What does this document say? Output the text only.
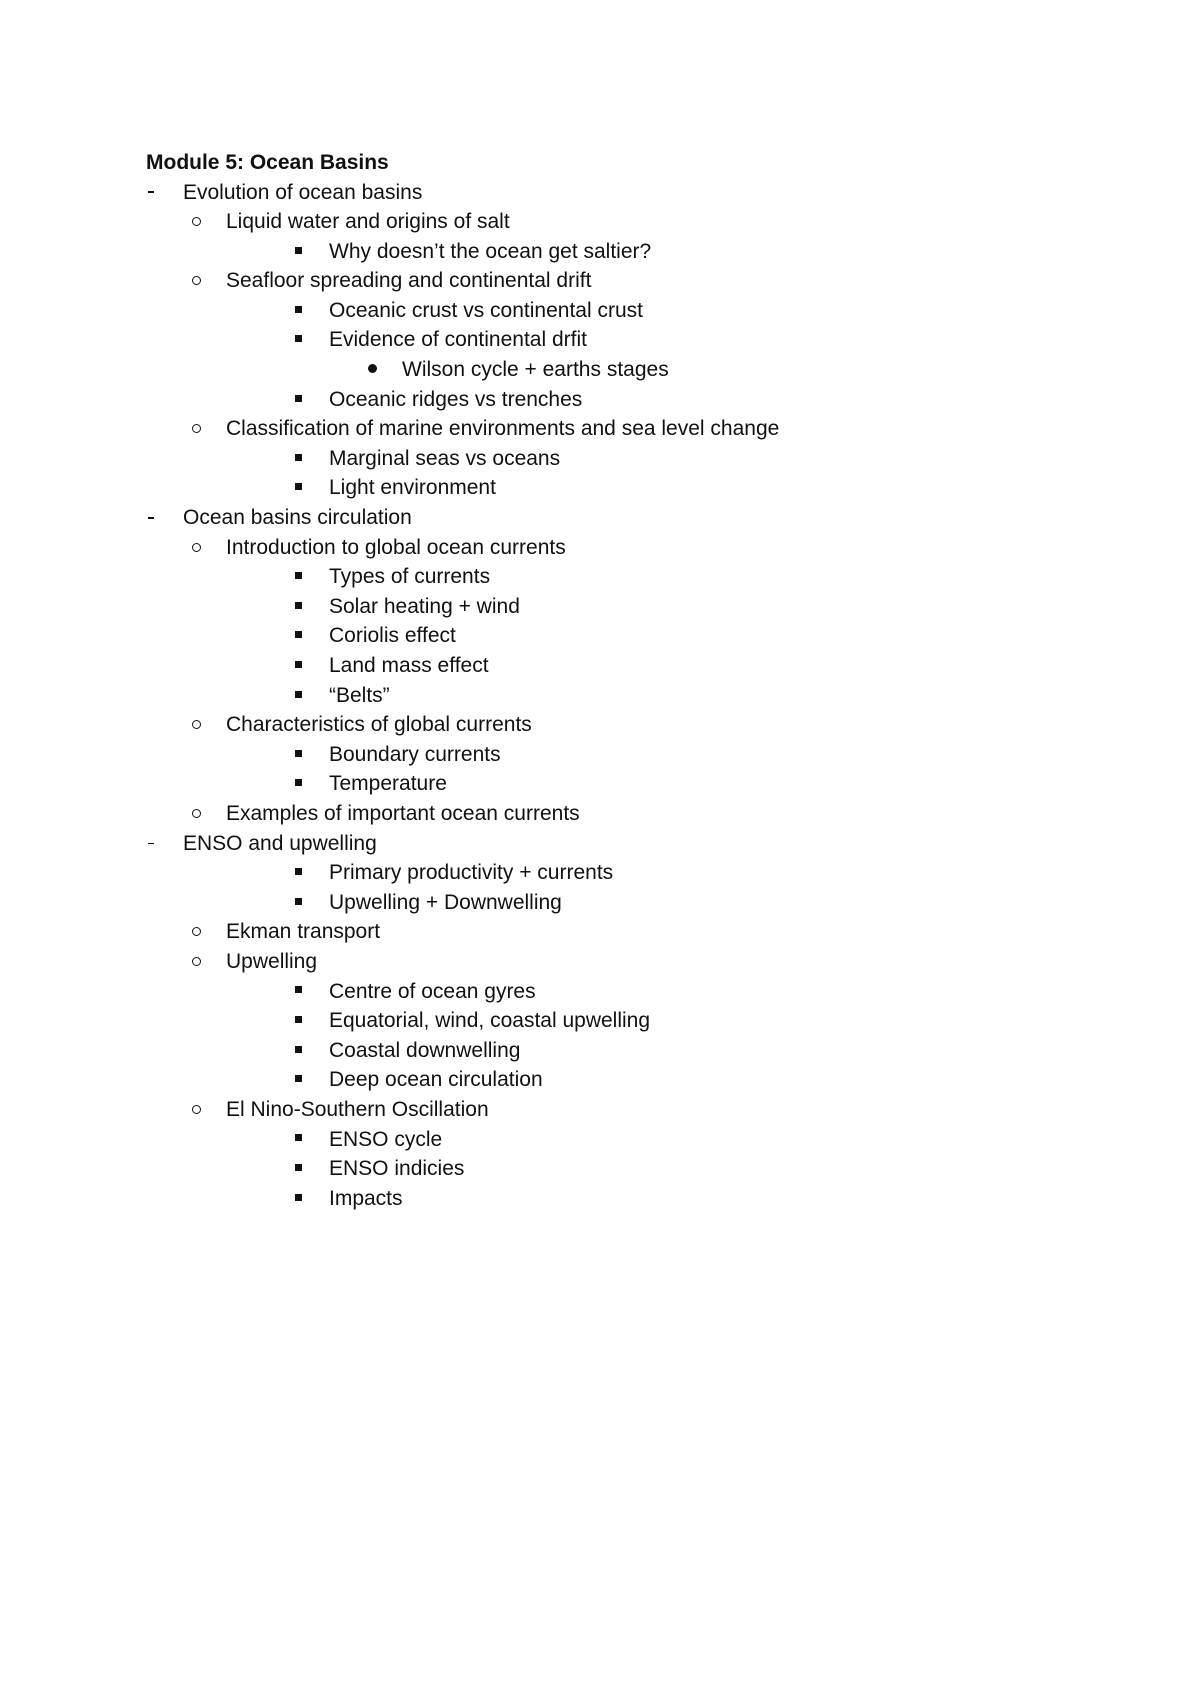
Module 5: Ocean Basins
Evolution of ocean basins
Liquid water and origins of salt
Why doesn’t the ocean get saltier?
Seafloor spreading and continental drift
Oceanic crust vs continental crust
Evidence of continental drfit
Wilson cycle + earths stages
Oceanic ridges vs trenches
Classification of marine environments and sea level change
Marginal seas vs oceans
Light environment
Ocean basins circulation
Introduction to global ocean currents
Types of currents
Solar heating + wind
Coriolis effect
Land mass effect
“Belts”
Characteristics of global currents
Boundary currents
Temperature
Examples of important ocean currents
ENSO and upwelling
Primary productivity + currents
Upwelling + Downwelling
Ekman transport
Upwelling
Centre of ocean gyres
Equatorial, wind, coastal upwelling
Coastal downwelling
Deep ocean circulation
El Nino-Southern Oscillation
ENSO cycle
ENSO indicies
Impacts
